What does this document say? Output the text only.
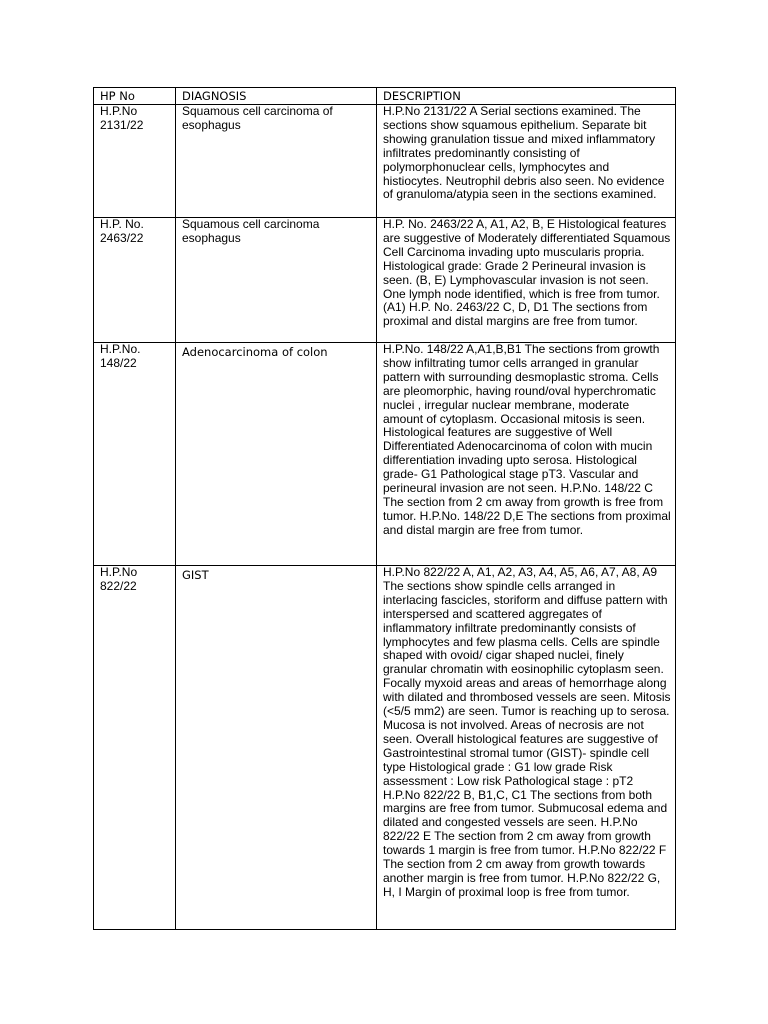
HP No	DIAGNOSIS	DESCRIPTION
H.P.No 2131/22	Squamous cell carcinoma of esophagus	H.P.No 2131/22 A Serial sections examined. The sections show squamous epithelium. Separate bit showing granulation tissue and mixed inflammatory infiltrates predominantly consisting of polymorphonuclear cells, lymphocytes and histiocytes. Neutrophil debris also seen. No evidence of granuloma/atypia seen in the sections examined.
H.P. No. 2463/22	Squamous cell carcinoma esophagus	H.P. No. 2463/22 A, A1, A2, B, E Histological features are suggestive of Moderately differentiated Squamous Cell Carcinoma invading upto muscularis propria. Histological grade: Grade 2 Perineural invasion is seen. (B, E) Lymphovascular invasion is not seen. One lymph node identified, which is free from tumor. (A1) H.P. No. 2463/22 C, D, D1 The sections from proximal and distal margins are free from tumor.
H.P.No. 148/22	Adenocarcinoma of colon	H.P.No. 148/22 A,A1,B,B1 The sections from growth show infiltrating tumor cells arranged in granular pattern with surrounding desmoplastic stroma. Cells are pleomorphic, having round/oval hyperchromatic nuclei , irregular nuclear membrane, moderate amount of cytoplasm. Occasional mitosis is seen. Histological features are suggestive of Well Differentiated Adenocarcinoma of colon with mucin differentiation invading upto serosa. Histological grade- G1 Pathological stage pT3. Vascular and perineural invasion are not seen. H.P.No. 148/22 C The section from 2 cm away from growth is free from tumor. H.P.No. 148/22 D,E The sections from proximal and distal margin are free from tumor.
H.P.No 822/22	GIST	H.P.No 822/22 A, A1, A2, A3, A4, A5, A6, A7, A8, A9 The sections show spindle cells arranged in interlacing fascicles, storiform and diffuse pattern with interspersed and scattered aggregates of inflammatory infiltrate predominantly consists of lymphocytes and few plasma cells. Cells are spindle shaped with ovoid/ cigar shaped nuclei, finely granular chromatin with eosinophilic cytoplasm seen. Focally myxoid areas and areas of hemorrhage along with dilated and thrombosed vessels are seen. Mitosis (<5/5 mm2) are seen. Tumor is reaching up to serosa. Mucosa is not involved. Areas of necrosis are not seen. Overall histological features are suggestive of Gastrointestinal stromal tumor (GIST)- spindle cell type Histological grade : G1 low grade Risk assessment : Low risk Pathological stage : pT2 H.P.No 822/22 B, B1,C, C1 The sections from both margins are free from tumor. Submucosal edema and dilated and congested vessels are seen. H.P.No 822/22 E The section from 2 cm away from growth towards 1 margin is free from tumor. H.P.No 822/22 F The section from 2 cm away from growth towards another margin is free from tumor. H.P.No 822/22 G, H, I Margin of proximal loop is free from tumor.
